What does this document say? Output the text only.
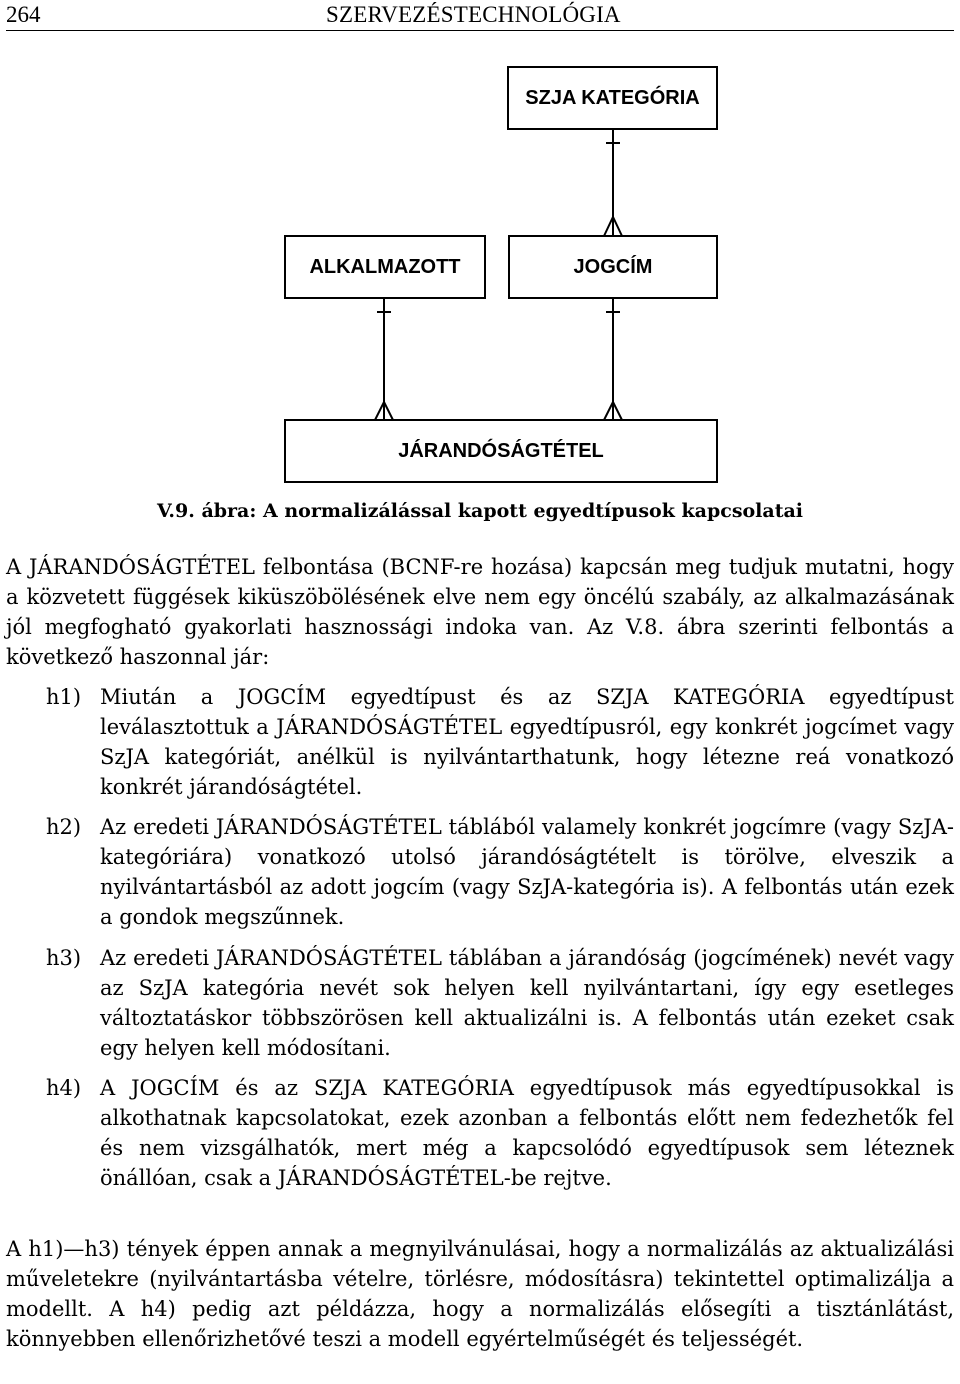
264	SZERVEZÉSTECHNOLÓGIA
SZJA KATEGÓRIA
ALKALMAZOTT	JOGCÍM
JÁRANDÓSÁGTÉTEL
V.9. ábra: A normalizálással kapott egyedtípusok kapcsolatai
A JÁRANDÓSÁGTÉTEL felbontása (BCNF-re hozása) kapcsán meg tudjuk mutatni, hogy a közvetett függések kiküszöbölésének elve nem egy öncélú szabály, az alkalmazásának jól megfogható gyakorlati hasznossági indoka van. Az V.8. ábra szerinti felbontás a következő haszonnal jár:
h1) Miután a JOGCÍM egyedtípust és az SZJA KATEGÓRIA egyedtípust leválasztottuk a JÁRANDÓSÁGTÉTEL egyedtípusról, egy konkrét jogcímet vagy SzJA kategóriát, anélkül is nyilvántarthatunk, hogy létezne reá vonatkozó konkrét járandóságtétel.
h2) Az eredeti JÁRANDÓSÁGTÉTEL táblából valamely konkrét jogcímre (vagy SzJA-kategóriára) vonatkozó utolsó járandóságtételt is törölve, elveszik a nyilvántartásból az adott jogcím (vagy SzJA-kategória is). A felbontás után ezek a gondok megszűnnek.
h3) Az eredeti JÁRANDÓSÁGTÉTEL táblában a járandóság (jogcímének) nevét vagy az SzJA kategória nevét sok helyen kell nyilvántartani, így egy esetleges változtatáskor többszörösen kell aktualizálni is. A felbontás után ezeket csak egy helyen kell módosítani.
h4) A JOGCÍM és az SZJA KATEGÓRIA egyedtípusok más egyedtípusokkal is alkothatnak kapcsolatokat, ezek azonban a felbontás előtt nem fedezhetők fel és nem vizsgálhatók, mert még a kapcsolódó egyedtípusok sem léteznek önállóan, csak a JÁRANDÓSÁGTÉTEL-be rejtve.
A h1)—h3) tények éppen annak a megnyilvánulásai, hogy a normalizálás az aktualizálási műveletekre (nyilvántartásba vételre, törlésre, módosításra) tekintettel optimalizálja a modellt. A h4) pedig azt példázza, hogy a normalizálás elősegíti a tisztánlátást, könnyebben ellenőrizhetővé teszi a modell egyértelműségét és teljességét.
